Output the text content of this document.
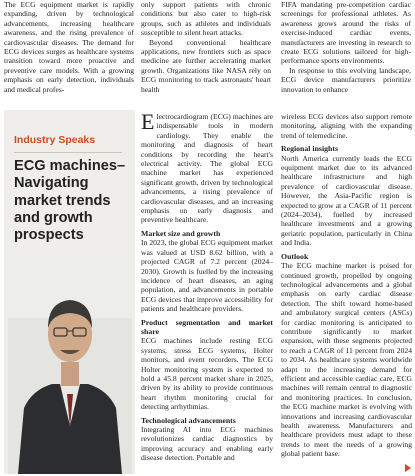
The ECG equipment market is rapidly expanding, driven by technological advancements, increasing healthcare awareness, and the rising prevalence of cardiovascular diseases. The demand for ECG devices surges as healthcare systems transition toward more proactive and preventive care models. With a growing emphasis on early detection, individuals and medical profes-

only support patients with chronic conditions but also cater to high-risk groups, such as athletes and individuals susceptible to silent heart attacks.

Beyond conventional healthcare applications, new frontiers such as space medicine are further accelerating market growth. Organizations like NASA rely on ECG monitoring to track astronauts' heart health

FIFA mandating pre-competition cardiac screenings for professional athletes. As awareness grows around the risks of exercise-induced cardiac events, manufacturers are investing in research to create ECG solutions tailored for high-performance sports environments.

In response to this evolving landscape, ECG device manufacturers prioritize innovation to enhance

Industry Speaks
ECG machines–Navigating market trends and growth prospects

Electrocardiogram (ECG) machines are indispensable tools in modern cardiology. They enable the monitoring and diagnosis of heart conditions by recording the heart's electrical activity. The global ECG machine market has experienced significant growth, driven by technological advancements, a rising prevalence of cardiovascular diseases, and an increasing emphasis on early diagnosis and preventive healthcare.

Market size and growth

In 2023, the global ECG equipment market was valued at USD 8.62 billion, with a projected CAGR of 7.2 percent (2024–2030). Growth is fuelled by the increasing incidence of heart diseases, an aging population, and advancements in portable ECG devices that improve accessibility for patients and healthcare providers.

Product segmentation and market share

ECG machines include resting ECG systems, stress ECG systems, Holter monitors, and event recorders. The ECG Holter monitoring system is expected to hold a 45.8 percent market share in 2025, driven by its ability to provide continuous heart rhythm monitoring crucial for detecting arrhythmias.

Technological advancements

Integrating AI into ECG machines revolutionizes cardiac diagnostics by improving accuracy and enabling early disease detection. Portable and

wireless ECG devices also support remote monitoring, aligning with the expanding trend of telemedicine.

Regional insights

North America currently leads the ECG equipment market due to its advanced healthcare infrastructure and high prevalence of cardiovascular disease. However, the Asia-Pacific region is expected to grow at a CAGR of 11 percent (2024–2034), fuelled by increased healthcare investments and a growing geriatric population, particularly in China and India.

Outlook

The ECG machine market is poised for continued growth, propelled by ongoing technological advancements and a global emphasis on early cardiac disease detection. The shift toward home-based and ambulatory surgical centers (ASCs) for cardiac monitoring is anticipated to contribute significantly to market expansion, with these segments projected to reach a CAGR of 11 percent from 2024 to 2034. As healthcare systems worldwide adapt to the increasing demand for efficient and accessible cardiac care, ECG machines will remain central to diagnostic and monitoring practices. In conclusion, the ECG machine market is evolving with innovations and increasing cardiovascular health awareness. Manufacturers and healthcare providers must adapt to these trends to meet the needs of a growing global patient base.
